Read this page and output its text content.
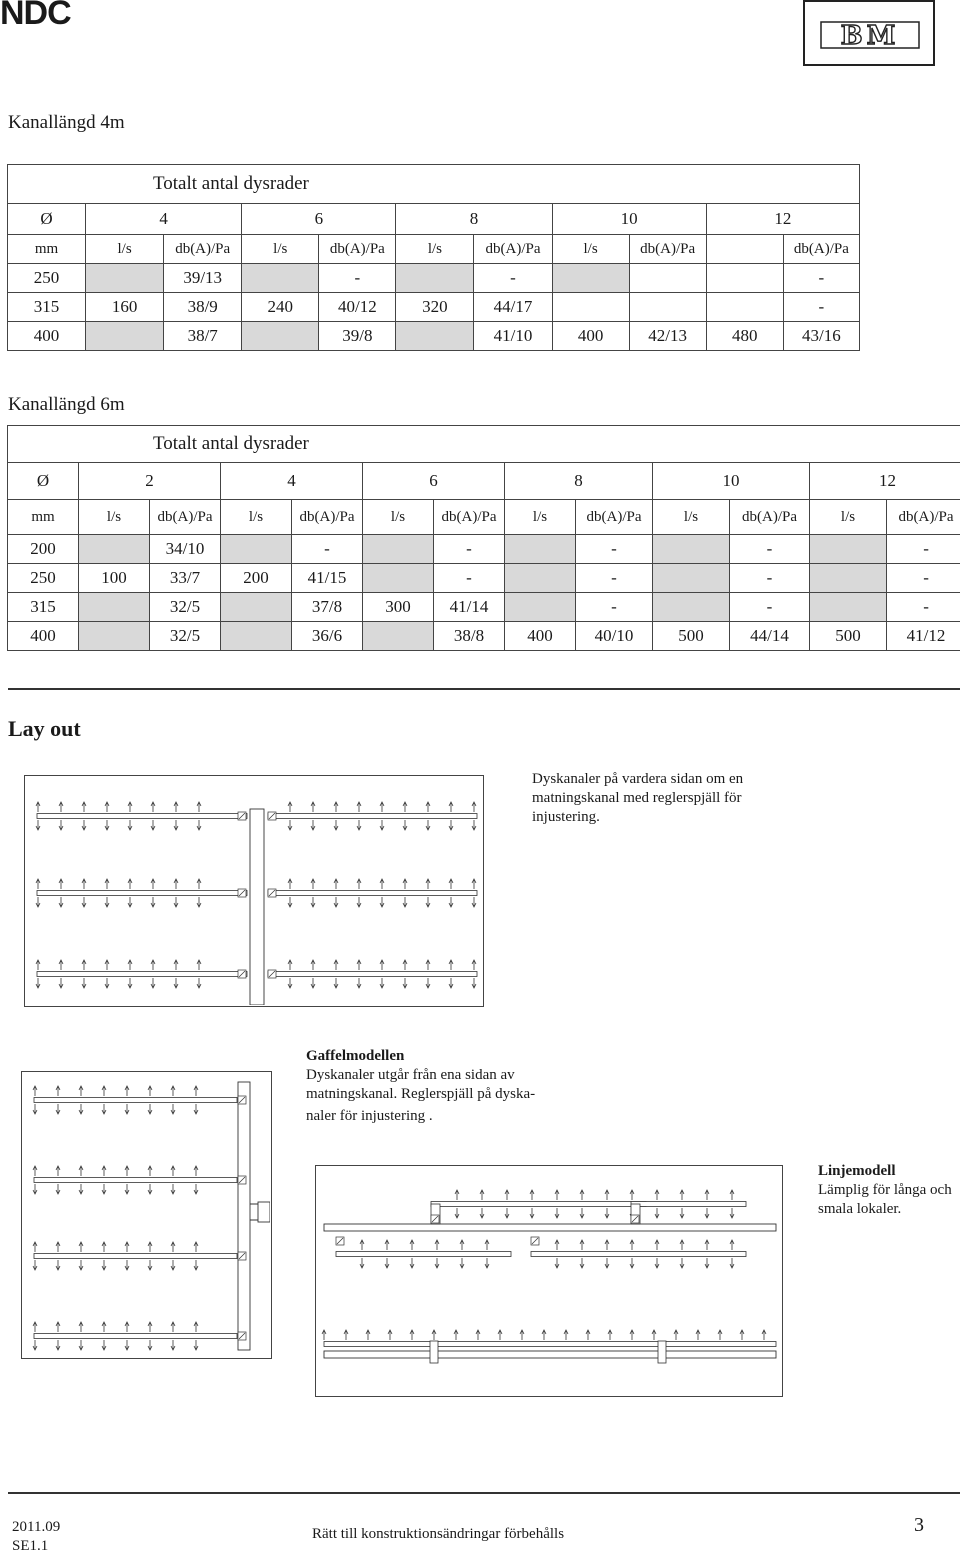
NDC
BM
Kanallängd 4m
Totalt antal dysrader										
Ø	4		6		8		10		12	
mm	l/s	db(A)/Pa	l/s	db(A)/Pa	l/s	db(A)/Pa	l/s	db(A)/Pa		db(A)/Pa
250		39/13		-		-				-
315	160	38/9	240	40/12	320	44/17				-
400		38/7		39/8		41/10	400	42/13	480	43/16
Kanallängd 6m
Totalt antal dysrader												
Ø	2		4		6		8		10		12	
mm	l/s	db(A)/Pa	l/s	db(A)/Pa	l/s	db(A)/Pa	l/s	db(A)/Pa	l/s	db(A)/Pa	l/s	db(A)/Pa
200		34/10		-		-		-		-		-
250	100	33/7	200	41/15		-		-		-		-
315		32/5		37/8	300	41/14		-		-		-
400		32/5		36/6		38/8	400	40/10	500	44/14	500	41/12
Lay out
Dyskanaler på vardera sidan om en matningskanal med reglerspjäll för injustering.
Gaffelmodellen
Dyskanaler utgår från ena sidan av matningskanal. Reglerspjäll på dyska-
naler för injustering .
Linjemodell
Lämplig för långa och smala lokaler.
2011.09
SE1.1
Rätt till konstruktionsändringar förbehålls	3
